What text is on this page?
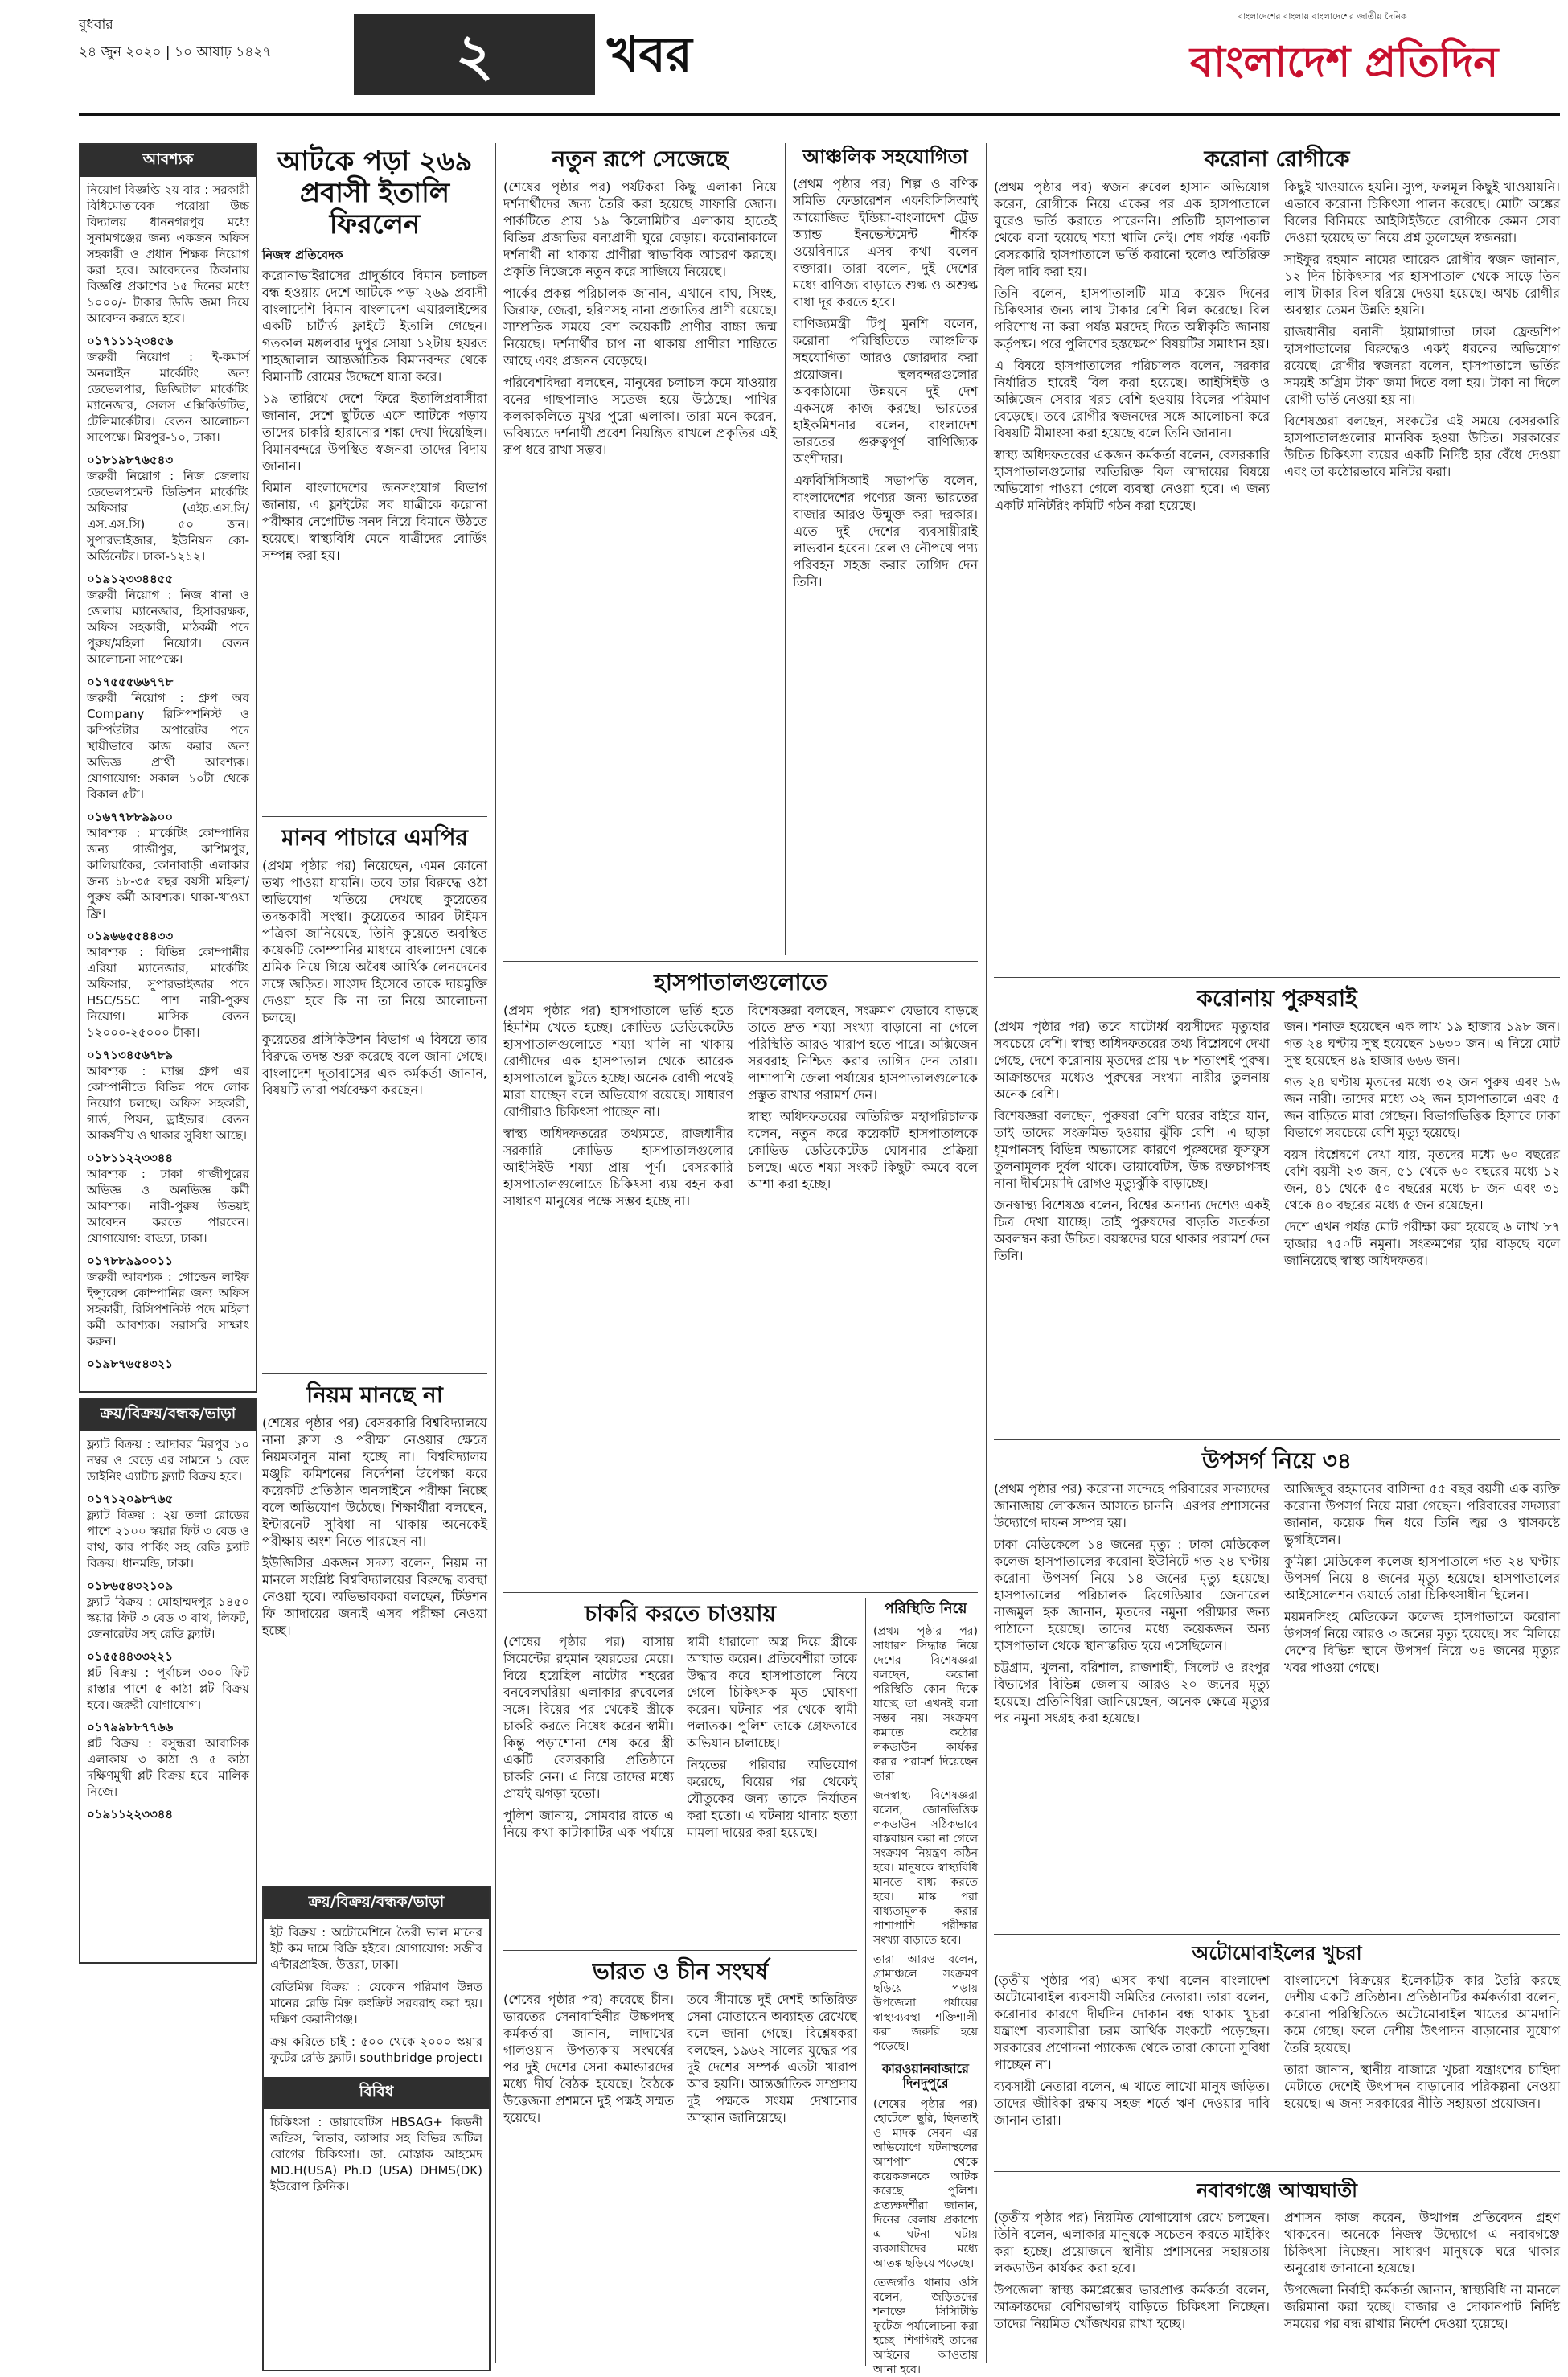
বুধবার
২৪ জুন ২০২০ | ১০ আষাঢ় ১৪২৭	২	খবর
বাংলাদেশের বাংলায় বাংলাদেশের জাতীয় দৈনিক
বাংলাদেশ প্রতিদিন
আবশ্যক
নিয়োগ বিজ্ঞপ্তি ২য় বার : সরকারী বিধিমোতাবেক পরোয়া উচ্চ বিদ্যালয় ধাননগরপুর মধ্যে সুনামগঞ্জের জন্য একজন অফিস সহকারী ও প্রধান শিক্ষক নিয়োগ করা হবে। আবেদনের ঠিকানায় বিজ্ঞপ্তি প্রকাশের ১৫ দিনের মধ্যে ১০০০/- টাকার ডিডি জমা দিয়ে আবেদন করতে হবে।
০১৭১১১২৩৪৫৬
জরুরী নিয়োগ : ই-কমার্স অনলাইন মার্কেটিং জন্য ডেভেলপার, ডিজিটাল মার্কেটিং ম্যানেজার, সেলস এক্সিকিউটিভ, টেলিমার্কেটার। বেতন আলোচনা সাপেক্ষে। মিরপুর-১০, ঢাকা।
০১৮১৯৮৭৬৫৪৩
জরুরী নিয়োগ : নিজ জেলায় ডেভেলপমেন্ট ডিভিশন মার্কেটিং অফিসার (এইচ.এস.সি/এস.এস.সি) ৫০ জন। সুপারভাইজার, ইউনিয়ন কো-অর্ডিনেটর। ঢাকা-১২১২।
০১৯১২৩৩৪৪৫৫
জরুরী নিয়োগ : নিজ থানা ও জেলায় ম্যানেজার, হিসাবরক্ষক, অফিস সহকারী, মাঠকর্মী পদে পুরুষ/মহিলা নিয়োগ। বেতন আলোচনা সাপেক্ষে।
০১৭৫৫৫৬৬৭৭৮
জরুরী নিয়োগ : গ্রুপ অব Company রিসিপশনিস্ট ও কম্পিউটার অপারেটর পদে স্থায়ীভাবে কাজ করার জন্য অভিজ্ঞ প্রার্থী আবশ্যক। যোগাযোগ: সকাল ১০টা থেকে বিকাল ৫টা।
০১৬৭৭৮৮৯৯০০
আবশ্যক : মার্কেটিং কোম্পানির জন্য গাজীপুর, কাশিমপুর, কালিয়াকৈর, কোনাবাড়ী এলাকার জন্য ১৮-৩৫ বছর বয়সী মহিলা/পুরুষ কর্মী আবশ্যক। থাকা-খাওয়া ফ্রি।
০১৯৬৬৫৫৪৪৩৩
আবশ্যক : বিভিন্ন কোম্পানীর এরিয়া ম্যানেজার, মার্কেটিং অফিসার, সুপারভাইজার পদে HSC/SSC পাশ নারী-পুরুষ নিয়োগ। মাসিক বেতন ১২০০০-২৫০০০ টাকা।
০১৭১৩৪৫৬৭৮৯
আবশ্যক : ম্যাক্স গ্রুপ এর কোম্পানীতে বিভিন্ন পদে লোক নিয়োগ চলছে। অফিস সহকারী, গার্ড, পিয়ন, ড্রাইভার। বেতন আকর্ষণীয় ও থাকার সুবিধা আছে।
০১৮১১২২৩৩৪৪
আবশ্যক : ঢাকা গাজীপুরের অভিজ্ঞ ও অনভিজ্ঞ কর্মী আবশ্যক। নারী-পুরুষ উভয়ই আবেদন করতে পারবেন। যোগাযোগ: বাড্ডা, ঢাকা।
০১৭৮৮৯৯০০১১
জরুরী আবশ্যক : গোল্ডেন লাইফ ইন্স্যুরেন্স কোম্পানির জন্য অফিস সহকারী, রিসিপশনিস্ট পদে মহিলা কর্মী আবশ্যক। সরাসরি সাক্ষাৎ করুন।
০১৯৮৭৬৫৪৩২১
ক্রয়/বিক্রয়/বন্ধক/ভাড়া
ফ্ল্যাট বিক্রয় : আদাবর মিরপুর ১০ নম্বর ও বেড়ে এর সামনে ১ বেড ডাইনিং এ্যাটাচ ফ্ল্যাট বিক্রয় হবে।
০১৭১২০৯৮৭৬৫
ফ্ল্যাট বিক্রয় : ২য় তলা রোডের পাশে ২১০০ স্কয়ার ফিট ৩ বেড ও বাথ, কার পার্কিং সহ রেডি ফ্ল্যাট বিক্রয়। ধানমন্ডি, ঢাকা।
০১৮৬৫৪৩২১০৯
ফ্ল্যাট বিক্রয় : মোহাম্মদপুর ১৪৫০ স্কয়ার ফিট ৩ বেড ৩ বাথ, লিফট, জেনারেটর সহ রেডি ফ্ল্যাট।
০১৫৫৪৪৩৩২২১
প্লট বিক্রয় : পূর্বাচল ৩০০ ফিট রাস্তার পাশে ৫ কাঠা প্লট বিক্রয় হবে। জরুরী যোগাযোগ।
০১৭৯৯৮৮৭৭৬৬
প্লট বিক্রয় : বসুন্ধরা আবাসিক এলাকায় ৩ কাঠা ও ৫ কাঠা দক্ষিণমুখী প্লট বিক্রয় হবে। মালিক নিজে।
০১৯১১২২৩৩৪৪
আটকে পড়া ২৬৯ প্রবাসী ইতালি ফিরলেন
নিজস্ব প্রতিবেদক

করোনাভাইরাসের প্রাদুর্ভাবে বিমান চলাচল বন্ধ হওয়ায় দেশে আটকে পড়া ২৬৯ প্রবাসী বাংলাদেশি বিমান বাংলাদেশ এয়ারলাইন্সের একটি চার্টার্ড ফ্লাইটে ইতালি গেছেন। গতকাল মঙ্গলবার দুপুর সোয়া ১২টায় হযরত শাহজালাল আন্তর্জাতিক বিমানবন্দর থেকে বিমানটি রোমের উদ্দেশে যাত্রা করে।

১৯ তারিখে দেশে ফিরে ইতালিপ্রবাসীরা জানান, দেশে ছুটিতে এসে আটকে পড়ায় তাদের চাকরি হারানোর শঙ্কা দেখা দিয়েছিল। বিমানবন্দরে উপস্থিত স্বজনরা তাদের বিদায় জানান।

বিমান বাংলাদেশের জনসংযোগ বিভাগ জানায়, এ ফ্লাইটের সব যাত্রীকে করোনা পরীক্ষার নেগেটিভ সনদ নিয়ে বিমানে উঠতে হয়েছে। স্বাস্থ্যবিধি মেনে যাত্রীদের বোর্ডিং সম্পন্ন করা হয়।

মানব পাচারে এমপির

(প্রথম পৃষ্ঠার পর) নিয়েছেন, এমন কোনো তথ্য পাওয়া যায়নি। তবে তার বিরুদ্ধে ওঠা অভিযোগ খতিয়ে দেখছে কুয়েতের তদন্তকারী সংস্থা। কুয়েতের আরব টাইমস পত্রিকা জানিয়েছে, তিনি কুয়েতে অবস্থিত কয়েকটি কোম্পানির মাধ্যমে বাংলাদেশ থেকে শ্রমিক নিয়ে গিয়ে অবৈধ আর্থিক লেনদেনের সঙ্গে জড়িত। সাংসদ হিসেবে তাকে দায়মুক্তি দেওয়া হবে কি না তা নিয়ে আলোচনা চলছে।

কুয়েতের প্রসিকিউশন বিভাগ এ বিষয়ে তার বিরুদ্ধে তদন্ত শুরু করেছে বলে জানা গেছে। বাংলাদেশ দূতাবাসের এক কর্মকর্তা জানান, বিষয়টি তারা পর্যবেক্ষণ করছেন।

নিয়ম মানছে না

(শেষের পৃষ্ঠার পর) বেসরকারি বিশ্ববিদ্যালয়ে নানা ক্লাস ও পরীক্ষা নেওয়ার ক্ষেত্রে নিয়মকানুন মানা হচ্ছে না। বিশ্ববিদ্যালয় মঞ্জুরি কমিশনের নির্দেশনা উপেক্ষা করে কয়েকটি প্রতিষ্ঠান অনলাইনে পরীক্ষা নিচ্ছে বলে অভিযোগ উঠেছে। শিক্ষার্থীরা বলছেন, ইন্টারনেট সুবিধা না থাকায় অনেকেই পরীক্ষায় অংশ নিতে পারছেন না।

ইউজিসির একজন সদস্য বলেন, নিয়ম না মানলে সংশ্লিষ্ট বিশ্ববিদ্যালয়ের বিরুদ্ধে ব্যবস্থা নেওয়া হবে। অভিভাবকরা বলছেন, টিউশন ফি আদায়ের জন্যই এসব পরীক্ষা নেওয়া হচ্ছে।

ক্রয়/বিক্রয়/বন্ধক/ভাড়া
ইট বিক্রয় : অটোমেশিনে তৈরী ভাল মানের ইট কম দামে বিক্রি হইবে। যোগাযোগ: সজীব এন্টারপ্রাইজ, উত্তরা, ঢাকা।
রেডিমিক্স বিক্রয় : যেকোন পরিমাণ উন্নত মানের রেডি মিক্স কংক্রিট সরবরাহ করা হয়। দক্ষিণ কেরানীগঞ্জ।
ক্রয় করিতে চাই : ৫০০ থেকে ২০০০ স্কয়ার ফুটের রেডি ফ্ল্যাট। southbridge project।
বিবিধ
চিকিৎসা : ডায়াবেটিস HBSAG+ কিডনী জন্ডিস, লিভার, ক্যান্সার সহ বিভিন্ন জটিল রোগের চিকিৎসা। ডা. মোস্তাক আহমেদ MD.H(USA) Ph.D (USA) DHMS(DK) ইউরোপ ক্লিনিক।
নতুন রূপে সেজেছে

(শেষের পৃষ্ঠার পর) পর্যটকরা কিছু এলাকা নিয়ে দর্শনার্থীদের জন্য তৈরি করা হয়েছে সাফারি জোন। পার্কটিতে প্রায় ১৯ কিলোমিটার এলাকায় হাতেই বিভিন্ন প্রজাতির বন্যপ্রাণী ঘুরে বেড়ায়। করোনাকালে দর্শনার্থী না থাকায় প্রাণীরা স্বাভাবিক আচরণ করছে। প্রকৃতি নিজেকে নতুন করে সাজিয়ে নিয়েছে।

পার্কের প্রকল্প পরিচালক জানান, এখানে বাঘ, সিংহ, জিরাফ, জেব্রা, হরিণসহ নানা প্রজাতির প্রাণী রয়েছে। সাম্প্রতিক সময়ে বেশ কয়েকটি প্রাণীর বাচ্চা জন্ম নিয়েছে। দর্শনার্থীর চাপ না থাকায় প্রাণীরা শান্তিতে আছে এবং প্রজনন বেড়েছে।

পরিবেশবিদরা বলছেন, মানুষের চলাচল কমে যাওয়ায় বনের গাছপালাও সতেজ হয়ে উঠেছে। পাখির কলকাকলিতে মুখর পুরো এলাকা। তারা মনে করেন, ভবিষ্যতে দর্শনার্থী প্রবেশ নিয়ন্ত্রিত রাখলে প্রকৃতির এই রূপ ধরে রাখা সম্ভব।

আঞ্চলিক সহযোগিতা

(প্রথম পৃষ্ঠার পর) শিল্প ও বণিক সমিতি ফেডারেশন এফবিসিসিআই আয়োজিত ইন্ডিয়া-বাংলাদেশ ট্রেড অ্যান্ড ইনভেস্টমেন্ট শীর্ষক ওয়েবিনারে এসব কথা বলেন বক্তারা। তারা বলেন, দুই দেশের মধ্যে বাণিজ্য বাড়াতে শুল্ক ও অশুল্ক বাধা দূর করতে হবে।

বাণিজ্যমন্ত্রী টিপু মুনশি বলেন, করোনা পরিস্থিতিতে আঞ্চলিক সহযোগিতা আরও জোরদার করা প্রয়োজন। স্থলবন্দরগুলোর অবকাঠামো উন্নয়নে দুই দেশ একসঙ্গে কাজ করছে। ভারতের হাইকমিশনার বলেন, বাংলাদেশ ভারতের গুরুত্বপূর্ণ বাণিজ্যিক অংশীদার।

এফবিসিসিআই সভাপতি বলেন, বাংলাদেশের পণ্যের জন্য ভারতের বাজার আরও উন্মুক্ত করা দরকার। এতে দুই দেশের ব্যবসায়ীরাই লাভবান হবেন। রেল ও নৌপথে পণ্য পরিবহন সহজ করার তাগিদ দেন তিনি।

হাসপাতালগুলোতে

(প্রথম পৃষ্ঠার পর) হাসপাতালে ভর্তি হতে হিমশিম খেতে হচ্ছে। কোভিড ডেডিকেটেড হাসপাতালগুলোতে শয্যা খালি না থাকায় রোগীদের এক হাসপাতাল থেকে আরেক হাসপাতালে ছুটতে হচ্ছে। অনেক রোগী পথেই মারা যাচ্ছেন বলে অভিযোগ রয়েছে। সাধারণ রোগীরাও চিকিৎসা পাচ্ছেন না।

স্বাস্থ্য অধিদফতরের তথ্যমতে, রাজধানীর সরকারি কোভিড হাসপাতালগুলোর আইসিইউ শয্যা প্রায় পূর্ণ। বেসরকারি হাসপাতালগুলোতে চিকিৎসা ব্যয় বহন করা সাধারণ মানুষের পক্ষে সম্ভব হচ্ছে না।

বিশেষজ্ঞরা বলছেন, সংক্রমণ যেভাবে বাড়ছে তাতে দ্রুত শয্যা সংখ্যা বাড়ানো না গেলে পরিস্থিতি আরও খারাপ হতে পারে। অক্সিজেন সরবরাহ নিশ্চিত করার তাগিদ দেন তারা। পাশাপাশি জেলা পর্যায়ের হাসপাতালগুলোকে প্রস্তুত রাখার পরামর্শ দেন।

স্বাস্থ্য অধিদফতরের অতিরিক্ত মহাপরিচালক বলেন, নতুন করে কয়েকটি হাসপাতালকে কোভিড ডেডিকেটেড ঘোষণার প্রক্রিয়া চলছে। এতে শয্যা সংকট কিছুটা কমবে বলে আশা করা হচ্ছে।

চাকরি করতে চাওয়ায়

(শেষের পৃষ্ঠার পর) বাসায় সিমেন্টের রহমান হযরতের মেয়ে। বিয়ে হয়েছিল নাটোর শহরের বনবেলঘরিয়া এলাকার রুবেলের সঙ্গে। বিয়ের পর থেকেই স্ত্রীকে চাকরি করতে নিষেধ করেন স্বামী। কিন্তু পড়াশোনা শেষ করে স্ত্রী একটি বেসরকারি প্রতিষ্ঠানে চাকরি নেন। এ নিয়ে তাদের মধ্যে প্রায়ই ঝগড়া হতো।

পুলিশ জানায়, সোমবার রাতে এ নিয়ে কথা কাটাকাটির এক পর্যায়ে স্বামী ধারালো অস্ত্র দিয়ে স্ত্রীকে আঘাত করেন। প্রতিবেশীরা তাকে উদ্ধার করে হাসপাতালে নিয়ে গেলে চিকিৎসক মৃত ঘোষণা করেন। ঘটনার পর থেকে স্বামী পলাতক। পুলিশ তাকে গ্রেফতারে অভিযান চালাচ্ছে।

নিহতের পরিবার অভিযোগ করেছে, বিয়ের পর থেকেই যৌতুকের জন্য তাকে নির্যাতন করা হতো। এ ঘটনায় থানায় হত্যা মামলা দায়ের করা হয়েছে।

ভারত ও চীন সংঘর্ষ

(শেষের পৃষ্ঠার পর) করেছে চীন। ভারতের সেনাবাহিনীর উচ্চপদস্থ কর্মকর্তারা জানান, লাদাখের গালওয়ান উপত্যকায় সংঘর্ষের পর দুই দেশের সেনা কমান্ডারদের মধ্যে দীর্ঘ বৈঠক হয়েছে। বৈঠকে উত্তেজনা প্রশমনে দুই পক্ষই সম্মত হয়েছে।

তবে সীমান্তে দুই দেশই অতিরিক্ত সেনা মোতায়েন অব্যাহত রেখেছে বলে জানা গেছে। বিশ্লেষকরা বলছেন, ১৯৬২ সালের যুদ্ধের পর দুই দেশের সম্পর্ক এতটা খারাপ আর হয়নি। আন্তর্জাতিক সম্প্রদায় দুই পক্ষকে সংযম দেখানোর আহ্বান জানিয়েছে।

করোনা রোগীকে

(প্রথম পৃষ্ঠার পর) স্বজন রুবেল হাসান অভিযোগ করেন, রোগীকে নিয়ে একের পর এক হাসপাতালে ঘুরেও ভর্তি করাতে পারেননি। প্রতিটি হাসপাতাল থেকে বলা হয়েছে শয্যা খালি নেই। শেষ পর্যন্ত একটি বেসরকারি হাসপাতালে ভর্তি করানো হলেও অতিরিক্ত বিল দাবি করা হয়।

তিনি বলেন, হাসপাতালটি মাত্র কয়েক দিনের চিকিৎসার জন্য লাখ টাকার বেশি বিল করেছে। বিল পরিশোধ না করা পর্যন্ত মরদেহ দিতে অস্বীকৃতি জানায় কর্তৃপক্ষ। পরে পুলিশের হস্তক্ষেপে বিষয়টির সমাধান হয়।

এ বিষয়ে হাসপাতালের পরিচালক বলেন, সরকার নির্ধারিত হারেই বিল করা হয়েছে। আইসিইউ ও অক্সিজেন সেবার খরচ বেশি হওয়ায় বিলের পরিমাণ বেড়েছে। তবে রোগীর স্বজনদের সঙ্গে আলোচনা করে বিষয়টি মীমাংসা করা হয়েছে বলে তিনি জানান।

স্বাস্থ্য অধিদফতরের একজন কর্মকর্তা বলেন, বেসরকারি হাসপাতালগুলোর অতিরিক্ত বিল আদায়ের বিষয়ে অভিযোগ পাওয়া গেলে ব্যবস্থা নেওয়া হবে। এ জন্য একটি মনিটরিং কমিটি গঠন করা হয়েছে।

কিছুই খাওয়াতে হয়নি। স্যুপ, ফলমূল কিছুই খাওয়ায়নি। এভাবে করোনা চিকিৎসা পালন করেছে। মোটা অঙ্কের বিলের বিনিময়ে আইসিইউতে রোগীকে কেমন সেবা দেওয়া হয়েছে তা নিয়ে প্রশ্ন তুলেছেন স্বজনরা।

সাইফুর রহমান নামের আরেক রোগীর স্বজন জানান, ১২ দিন চিকিৎসার পর হাসপাতাল থেকে সাড়ে তিন লাখ টাকার বিল ধরিয়ে দেওয়া হয়েছে। অথচ রোগীর অবস্থার তেমন উন্নতি হয়নি।

রাজধানীর বনানী ইয়ামাগাতা ঢাকা ফ্রেন্ডশিপ হাসপাতালের বিরুদ্ধেও একই ধরনের অভিযোগ রয়েছে। রোগীর স্বজনরা বলেন, হাসপাতালে ভর্তির সময়ই অগ্রিম টাকা জমা দিতে বলা হয়। টাকা না দিলে রোগী ভর্তি নেওয়া হয় না।

বিশেষজ্ঞরা বলছেন, সংকটের এই সময়ে বেসরকারি হাসপাতালগুলোর মানবিক হওয়া উচিত। সরকারের উচিত চিকিৎসা ব্যয়ের একটি নির্দিষ্ট হার বেঁধে দেওয়া এবং তা কঠোরভাবে মনিটর করা।

করোনায় পুরুষরাই

(প্রথম পৃষ্ঠার পর) তবে ষাটোর্ধ্ব বয়সীদের মৃত্যুহার সবচেয়ে বেশি। স্বাস্থ্য অধিদফতরের তথ্য বিশ্লেষণে দেখা গেছে, দেশে করোনায় মৃতদের প্রায় ৭৮ শতাংশই পুরুষ। আক্রান্তদের মধ্যেও পুরুষের সংখ্যা নারীর তুলনায় অনেক বেশি।

বিশেষজ্ঞরা বলছেন, পুরুষরা বেশি ঘরের বাইরে যান, তাই তাদের সংক্রমিত হওয়ার ঝুঁকি বেশি। এ ছাড়া ধূমপানসহ বিভিন্ন অভ্যাসের কারণে পুরুষদের ফুসফুস তুলনামূলক দুর্বল থাকে। ডায়াবেটিস, উচ্চ রক্তচাপসহ নানা দীর্ঘমেয়াদি রোগও মৃত্যুঝুঁকি বাড়াচ্ছে।

জনস্বাস্থ্য বিশেষজ্ঞ বলেন, বিশ্বের অন্যান্য দেশেও একই চিত্র দেখা যাচ্ছে। তাই পুরুষদের বাড়তি সতর্কতা অবলম্বন করা উচিত। বয়স্কদের ঘরে থাকার পরামর্শ দেন তিনি।

জন। শনাক্ত হয়েছেন এক লাখ ১৯ হাজার ১৯৮ জন। গত ২৪ ঘণ্টায় সুস্থ হয়েছেন ১৬৩০ জন। এ নিয়ে মোট সুস্থ হয়েছেন ৪৯ হাজার ৬৬৬ জন।

গত ২৪ ঘণ্টায় মৃতদের মধ্যে ৩২ জন পুরুষ এবং ১৬ জন নারী। তাদের মধ্যে ৩২ জন হাসপাতালে এবং ৫ জন বাড়িতে মারা গেছেন। বিভাগভিত্তিক হিসাবে ঢাকা বিভাগে সবচেয়ে বেশি মৃত্যু হয়েছে।

বয়স বিশ্লেষণে দেখা যায়, মৃতদের মধ্যে ৬০ বছরের বেশি বয়সী ২৩ জন, ৫১ থেকে ৬০ বছরের মধ্যে ১২ জন, ৪১ থেকে ৫০ বছরের মধ্যে ৮ জন এবং ৩১ থেকে ৪০ বছরের মধ্যে ৫ জন রয়েছেন।

দেশে এখন পর্যন্ত মোট পরীক্ষা করা হয়েছে ৬ লাখ ৮৭ হাজার ৭৫০টি নমুনা। সংক্রমণের হার বাড়ছে বলে জানিয়েছে স্বাস্থ্য অধিদফতর।

উপসর্গ নিয়ে ৩৪

(প্রথম পৃষ্ঠার পর) করোনা সন্দেহে পরিবারের সদস্যদের জানাজায় লোকজন আসতে চাননি। এরপর প্রশাসনের উদ্যোগে দাফন সম্পন্ন হয়।

ঢাকা মেডিকেলে ১৪ জনের মৃত্যু : ঢাকা মেডিকেল কলেজ হাসপাতালের করোনা ইউনিটে গত ২৪ ঘণ্টায় করোনা উপসর্গ নিয়ে ১৪ জনের মৃত্যু হয়েছে। হাসপাতালের পরিচালক ব্রিগেডিয়ার জেনারেল নাজমুল হক জানান, মৃতদের নমুনা পরীক্ষার জন্য পাঠানো হয়েছে। তাদের মধ্যে কয়েকজন অন্য হাসপাতাল থেকে স্থানান্তরিত হয়ে এসেছিলেন।

চট্টগ্রাম, খুলনা, বরিশাল, রাজশাহী, সিলেট ও রংপুর বিভাগের বিভিন্ন জেলায় আরও ২০ জনের মৃত্যু হয়েছে। প্রতিনিধিরা জানিয়েছেন, অনেক ক্ষেত্রে মৃত্যুর পর নমুনা সংগ্রহ করা হয়েছে।

আজিজুর রহমানের বাসিন্দা ৫৫ বছর বয়সী এক ব্যক্তি করোনা উপসর্গ নিয়ে মারা গেছেন। পরিবারের সদস্যরা জানান, কয়েক দিন ধরে তিনি জ্বর ও শ্বাসকষ্টে ভুগছিলেন।

কুমিল্লা মেডিকেল কলেজ হাসপাতালে গত ২৪ ঘণ্টায় উপসর্গ নিয়ে ৪ জনের মৃত্যু হয়েছে। হাসপাতালের আইসোলেশন ওয়ার্ডে তারা চিকিৎসাধীন ছিলেন।

ময়মনসিংহ মেডিকেল কলেজ হাসপাতালে করোনা উপসর্গ নিয়ে আরও ৩ জনের মৃত্যু হয়েছে। সব মিলিয়ে দেশের বিভিন্ন স্থানে উপসর্গ নিয়ে ৩৪ জনের মৃত্যুর খবর পাওয়া গেছে।

অটোমোবাইলের খুচরা

(তৃতীয় পৃষ্ঠার পর) এসব কথা বলেন বাংলাদেশ অটোমোবাইল ব্যবসায়ী সমিতির নেতারা। তারা বলেন, করোনার কারণে দীর্ঘদিন দোকান বন্ধ থাকায় খুচরা যন্ত্রাংশ ব্যবসায়ীরা চরম আর্থিক সংকটে পড়েছেন। সরকারের প্রণোদনা প্যাকেজ থেকে তারা কোনো সুবিধা পাচ্ছেন না।

ব্যবসায়ী নেতারা বলেন, এ খাতে লাখো মানুষ জড়িত। তাদের জীবিকা রক্ষায় সহজ শর্তে ঋণ দেওয়ার দাবি জানান তারা।

বাংলাদেশে বিক্রয়ের ইলেকট্রিক কার তৈরি করছে দেশীয় একটি প্রতিষ্ঠান। প্রতিষ্ঠানটির কর্মকর্তারা বলেন, করোনা পরিস্থিতিতে অটোমোবাইল খাতের আমদানি কমে গেছে। ফলে দেশীয় উৎপাদন বাড়ানোর সুযোগ তৈরি হয়েছে।

তারা জানান, স্থানীয় বাজারে খুচরা যন্ত্রাংশের চাহিদা মেটাতে দেশেই উৎপাদন বাড়ানোর পরিকল্পনা নেওয়া হয়েছে। এ জন্য সরকারের নীতি সহায়তা প্রয়োজন।

নবাবগঞ্জে আত্মঘাতী

(তৃতীয় পৃষ্ঠার পর) নিয়মিত যোগাযোগ রেখে চলছেন। তিনি বলেন, এলাকার মানুষকে সচেতন করতে মাইকিং করা হচ্ছে। প্রয়োজনে স্থানীয় প্রশাসনের সহায়তায় লকডাউন কার্যকর করা হবে।

উপজেলা স্বাস্থ্য কমপ্লেক্সের ভারপ্রাপ্ত কর্মকর্তা বলেন, আক্রান্তদের বেশিরভাগই বাড়িতে চিকিৎসা নিচ্ছেন। তাদের নিয়মিত খোঁজখবর রাখা হচ্ছে।

প্রশাসন কাজ করেন, উত্থাপন্ন প্রতিবেদন গ্রহণ থাকবেন। অনেকে নিজস্ব উদ্যোগে এ নবাবগঞ্জে চিকিৎসা নিচ্ছেন। সাধারণ মানুষকে ঘরে থাকার অনুরোধ জানানো হয়েছে।

উপজেলা নির্বাহী কর্মকর্তা জানান, স্বাস্থ্যবিধি না মানলে জরিমানা করা হচ্ছে। বাজার ও দোকানপাট নির্দিষ্ট সময়ের পর বন্ধ রাখার নির্দেশ দেওয়া হয়েছে।

পরিস্থিতি নিয়ে

(প্রথম পৃষ্ঠার পর) সাধারণ সিদ্ধান্ত নিয়ে দেশের বিশেষজ্ঞরা বলছেন, করোনা পরিস্থিতি কোন দিকে যাচ্ছে তা এখনই বলা সম্ভব নয়। সংক্রমণ কমাতে কঠোর লকডাউন কার্যকর করার পরামর্শ দিয়েছেন তারা।

জনস্বাস্থ্য বিশেষজ্ঞরা বলেন, জোনভিত্তিক লকডাউন সঠিকভাবে বাস্তবায়ন করা না গেলে সংক্রমণ নিয়ন্ত্রণ কঠিন হবে। মানুষকে স্বাস্থ্যবিধি মানতে বাধ্য করতে হবে। মাস্ক পরা বাধ্যতামূলক করার পাশাপাশি পরীক্ষার সংখ্যা বাড়াতে হবে।

তারা আরও বলেন, গ্রামাঞ্চলে সংক্রমণ ছড়িয়ে পড়ায় উপজেলা পর্যায়ের স্বাস্থ্যব্যবস্থা শক্তিশালী করা জরুরি হয়ে পড়েছে।

কারওয়ানবাজারে দিনদুপুরে

(শেষের পৃষ্ঠার পর) হোটেলে ছুরি, ছিনতাই ও মাদক সেবন এর অভিযোগে ঘটনাস্থলের আশপাশ থেকে কয়েকজনকে আটক করেছে পুলিশ। প্রত্যক্ষদর্শীরা জানান, দিনের বেলায় প্রকাশ্যে এ ঘটনা ঘটায় ব্যবসায়ীদের মধ্যে আতঙ্ক ছড়িয়ে পড়েছে।

তেজগাঁও থানার ওসি বলেন, জড়িতদের শনাক্তে সিসিটিভি ফুটেজ পর্যালোচনা করা হচ্ছে। শিগগিরই তাদের আইনের আওতায় আনা হবে।
